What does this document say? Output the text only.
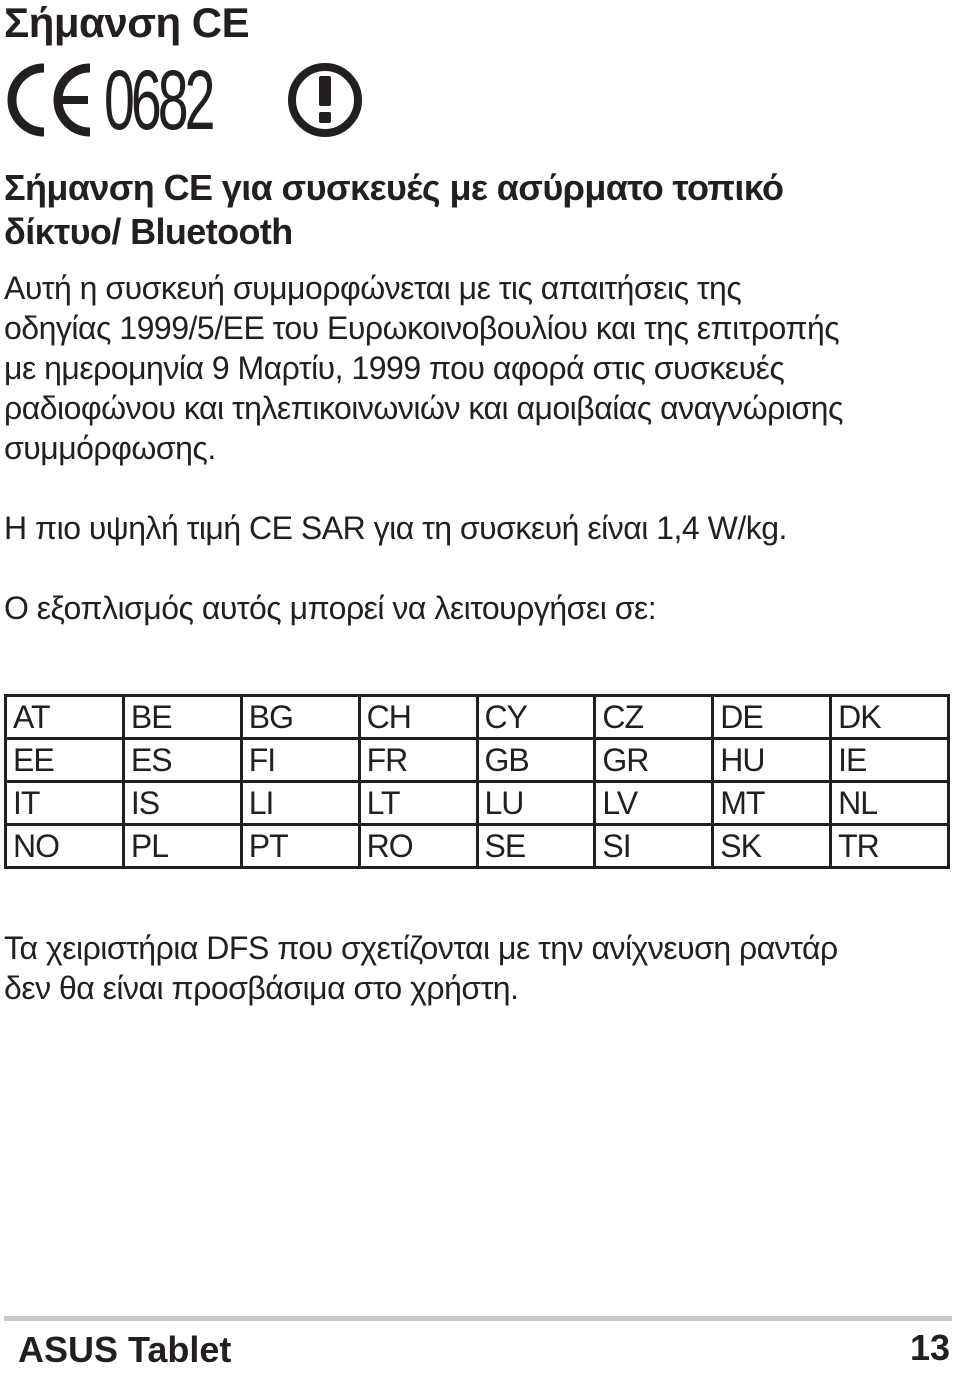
Σήμανση CE
0682
Σήμανση CE για συσκευές με ασύρματο τοπικό
δίκτυο/ Bluetooth

Αυτή η συσκευή συμμορφώνεται με τις απαιτήσεις της
οδηγίας 1999/5/ΕΕ του Ευρωκοινοβουλίου και της επιτροπής
με ημερομηνία 9 Μαρτίυ, 1999 που αφορά στις συσκευές
ραδιοφώνου και τηλεπικοινωνιών και αμοιβαίας αναγνώρισης
συμμόρφωσης.

Η πιο υψηλή τιμή CE SAR για τη συσκευή είναι 1,4 W/kg.

Ο εξοπλισμός αυτός μπορεί να λειτουργήσει σε:

AT	BE	BG	CH	CY	CZ	DE	DK
EE	ES	FI	FR	GB	GR	HU	IE
IT	IS	LI	LT	LU	LV	MT	NL
NO	PL	PT	RO	SE	SI	SK	TR

Τα χειριστήρια DFS που σχετίζονται με την ανίχνευση ραντάρ
δεν θα είναι προσβάσιμα στο χρήστη.

ASUS Tablet	13
